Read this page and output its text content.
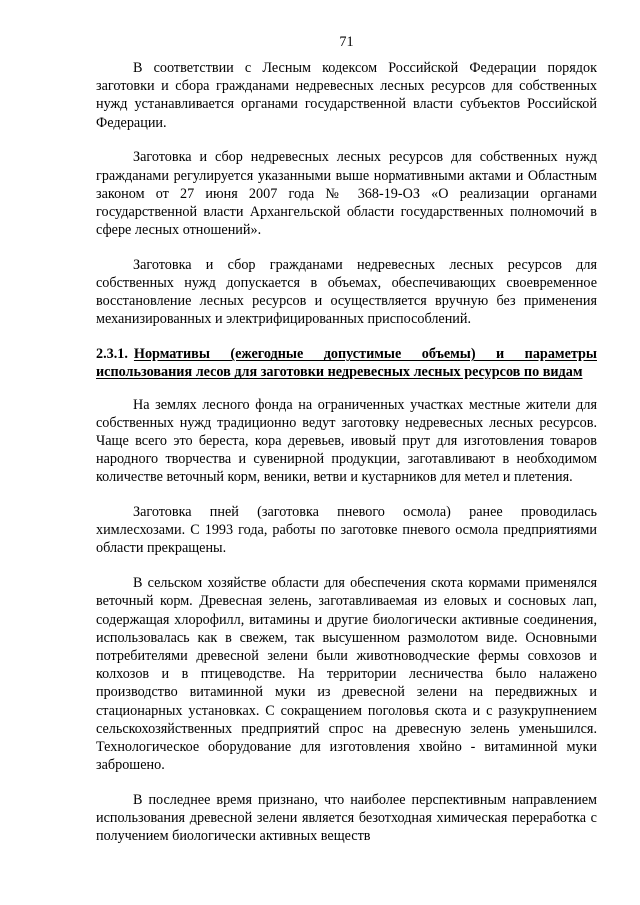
71

В соответствии с Лесным кодексом Российской Федерации порядок заготовки и сбора гражданами недревесных лесных ресурсов для собственных нужд устанавливается органами государственной власти субъектов Российской Федерации.

Заготовка и сбор недревесных лесных ресурсов для собственных нужд гражданами регулируется указанными выше нормативными актами и Областным законом от 27 июня 2007 года № 368-19-ОЗ «О реализации органами государственной власти Архангельской области государственных полномочий в сфере лесных отношений».

Заготовка и сбор гражданами недревесных лесных ресурсов для собственных нужд допускается в объемах, обеспечивающих своевременное восстановление лесных ресурсов и осуществляется вручную без применения механизированных и электрифицированных приспособлений.

2.3.1. Нормативы (ежегодные допустимые объемы) и параметры использования лесов для заготовки недревесных лесных ресурсов по видам

На землях лесного фонда на ограниченных участках местные жители для собственных нужд традиционно ведут заготовку недревесных лесных ресурсов. Чаще всего это береста, кора деревьев, ивовый прут для изготовления товаров народного творчества и сувенирной продукции, заготавливают в необходимом количестве веточный корм, веники, ветви и кустарников для метел и плетения.

Заготовка пней (заготовка пневого осмола) ранее проводилась химлесхозами. С 1993 года, работы по заготовке пневого осмола предприятиями области прекращены.

В сельском хозяйстве области для обеспечения скота кормами применялся веточный корм. Древесная зелень, заготавливаемая из еловых и сосновых лап, содержащая хлорофилл, витамины и другие биологически активные соединения, использовалась как в свежем, так высушенном размолотом виде. Основными потребителями древесной зелени были животноводческие фермы совхозов и колхозов и в птицеводстве. На территории лесничества было налажено производство витаминной муки из древесной зелени на передвижных и стационарных установках. С сокращением поголовья скота и с разукрупнением сельскохозяйственных предприятий спрос на древесную зелень уменьшился. Технологическое оборудование для изготовления хвойно - витаминной муки заброшено.

В последнее время признано, что наиболее перспективным направлением использования древесной зелени является безотходная химическая переработка с получением биологически активных веществ
